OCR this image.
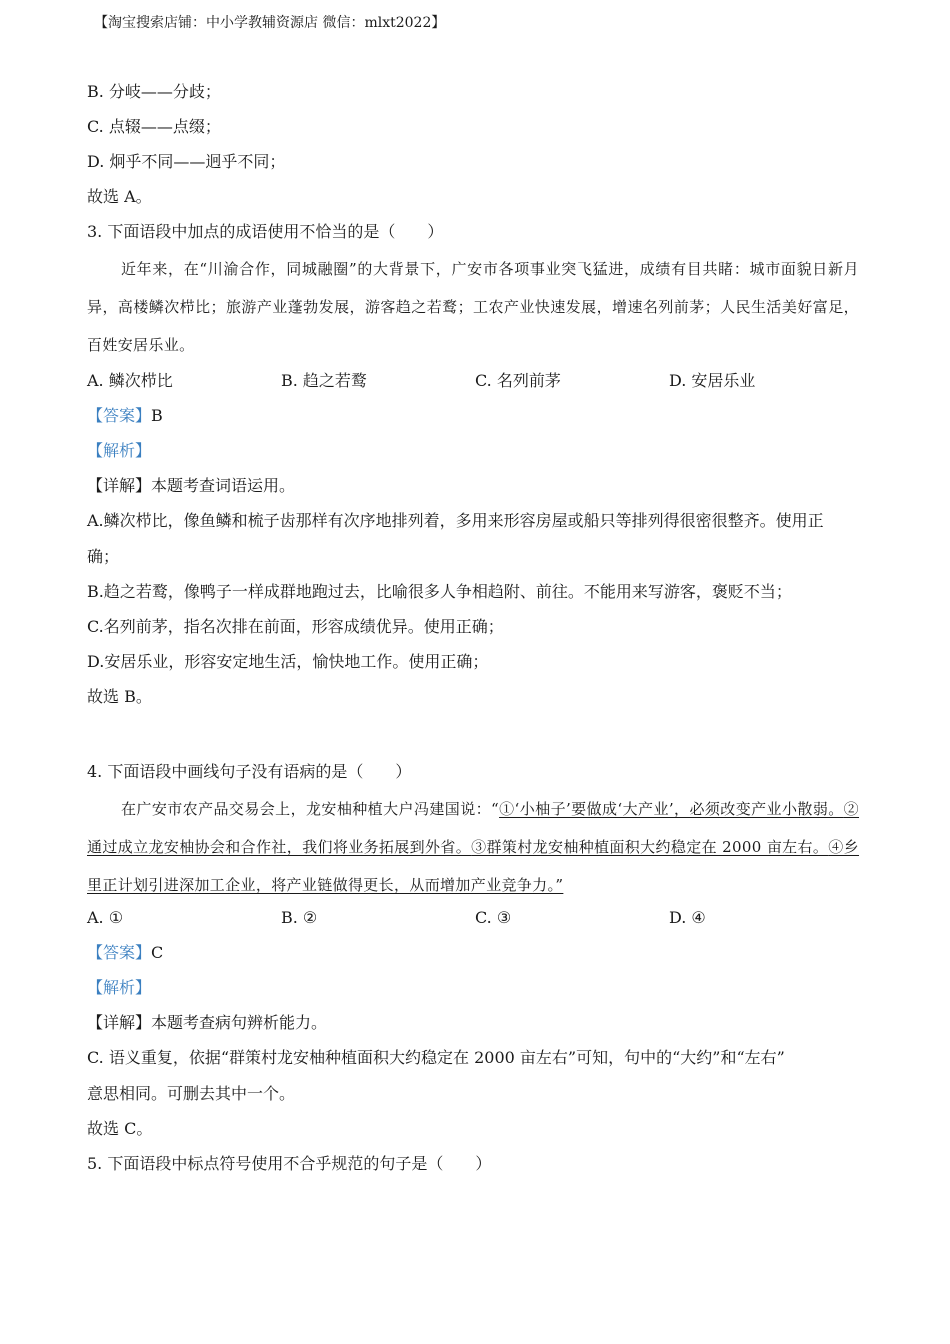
【淘宝搜索店铺：中小学教辅资源店 微信：mlxt2022】
B. 分岐——分歧；
C. 点辍——点缀；
D. 炯乎不同——迥乎不同；
故选 A。
3. 下面语段中加点的成语使用不恰当的是（　　）
近年来，在“川渝合作，同城融圈”的大背景下，广安市各项事业突飞猛进，成绩有目共睹：城市面貌日新月异，高楼鳞次栉比；旅游产业蓬勃发展，游客趋之若鹜；工农产业快速发展，增速名列前茅；人民生活美好富足，百姓安居乐业。
A. 鳞次栉比	B. 趋之若鹜	C. 名列前茅	D. 安居乐业
【答案】B
【解析】
【详解】本题考查词语运用。
A.鳞次栉比，像鱼鳞和梳子齿那样有次序地排列着，多用来形容房屋或船只等排列得很密很整齐。使用正
确；
B.趋之若鹜，像鸭子一样成群地跑过去，比喻很多人争相趋附、前往。不能用来写游客，褒贬不当；
C.名列前茅，指名次排在前面，形容成绩优异。使用正确；
D.安居乐业，形容安定地生活，愉快地工作。使用正确；
故选 B。
4. 下面语段中画线句子没有语病的是（　　）
在广安市农产品交易会上，龙安柚种植大户冯建国说：“①‘小柚子’要做成‘大产业’，必须改变产业小散弱。②通过成立龙安柚协会和合作社，我们将业务拓展到外省。③群策村龙安柚种植面积大约稳定在 2000 亩左右。④乡里正计划引进深加工企业，将产业链做得更长，从而增加产业竞争力。”
A. ①	B. ②	C. ③	D. ④
【答案】C
【解析】
【详解】本题考查病句辨析能力。
C. 语义重复，依据“群策村龙安柚种植面积大约稳定在 2000 亩左右”可知，句中的“大约”和“左右”
意思相同。可删去其中一个。
故选 C。
5. 下面语段中标点符号使用不合乎规范的句子是（　　）
